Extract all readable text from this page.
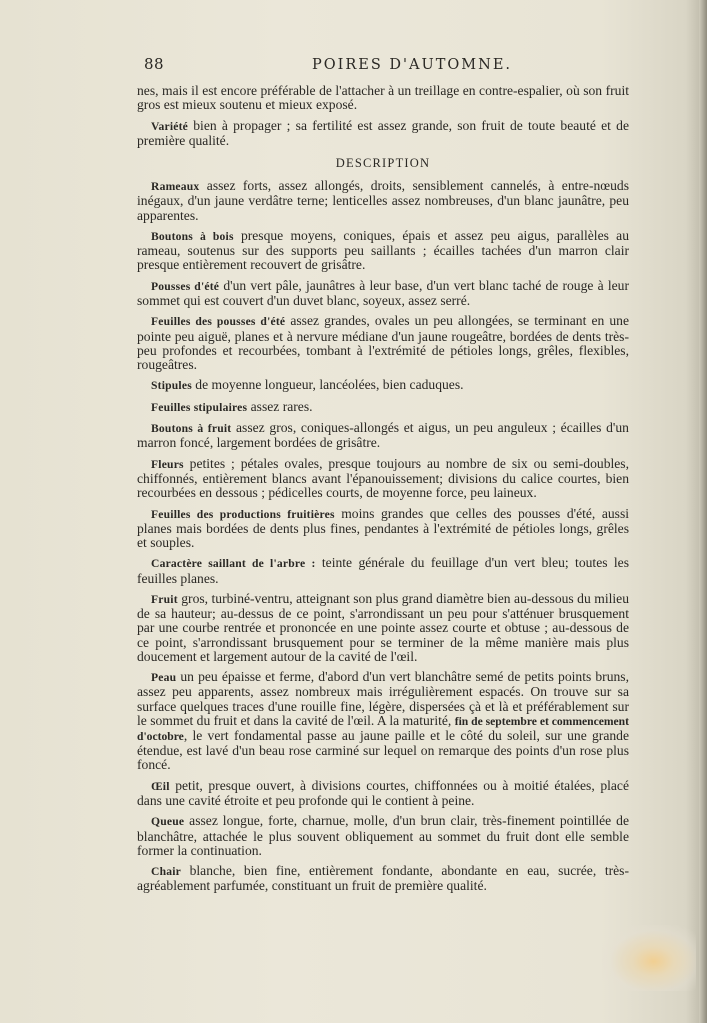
88	POIRES D'AUTOMNE.

nes, mais il est encore préférable de l'attacher à un treillage en contre-espalier, où son fruit gros est mieux soutenu et mieux exposé.

Variété bien à propager ; sa fertilité est assez grande, son fruit de toute beauté et de première qualité.

DESCRIPTION

Rameaux assez forts, assez allongés, droits, sensiblement cannelés, à entre-nœuds inégaux, d'un jaune verdâtre terne; lenticelles assez nombreuses, d'un blanc jaunâtre, peu apparentes.

Boutons à bois presque moyens, coniques, épais et assez peu aigus, parallèles au rameau, soutenus sur des supports peu saillants ; écailles tachées d'un marron clair presque entièrement recouvert de grisâtre.

Pousses d'été d'un vert pâle, jaunâtres à leur base, d'un vert blanc taché de rouge à leur sommet qui est couvert d'un duvet blanc, soyeux, assez serré.

Feuilles des pousses d'été assez grandes, ovales un peu allongées, se terminant en une pointe peu aiguë, planes et à nervure médiane d'un jaune rougeâtre, bordées de dents très-peu profondes et recourbées, tombant à l'extrémité de pétioles longs, grêles, flexibles, rougeâtres.

Stipules de moyenne longueur, lancéolées, bien caduques.

Feuilles stipulaires assez rares.

Boutons à fruit assez gros, coniques-allongés et aigus, un peu anguleux ; écailles d'un marron foncé, largement bordées de grisâtre.

Fleurs petites ; pétales ovales, presque toujours au nombre de six ou semi-doubles, chiffonnés, entièrement blancs avant l'épanouissement; divisions du calice courtes, bien recourbées en dessous ; pédicelles courts, de moyenne force, peu laineux.

Feuilles des productions fruitières moins grandes que celles des pousses d'été, aussi planes mais bordées de dents plus fines, pendantes à l'extrémité de pétioles longs, grêles et souples.

Caractère saillant de l'arbre : teinte générale du feuillage d'un vert bleu; toutes les feuilles planes.

Fruit gros, turbiné-ventru, atteignant son plus grand diamètre bien au-dessous du milieu de sa hauteur; au-dessus de ce point, s'arrondissant un peu pour s'atténuer brusquement par une courbe rentrée et prononcée en une pointe assez courte et obtuse ; au-dessous de ce point, s'arrondissant brusquement pour se terminer de la même manière mais plus doucement et largement autour de la cavité de l'œil.

Peau un peu épaisse et ferme, d'abord d'un vert blanchâtre semé de petits points bruns, assez peu apparents, assez nombreux mais irrégulièrement espacés. On trouve sur sa surface quelques traces d'une rouille fine, légère, dispersées çà et là et préférablement sur le sommet du fruit et dans la cavité de l'œil. A la maturité, fin de septembre et commencement d'octobre, le vert fondamental passe au jaune paille et le côté du soleil, sur une grande étendue, est lavé d'un beau rose carminé sur lequel on remarque des points d'un rose plus foncé.

Œil petit, presque ouvert, à divisions courtes, chiffonnées ou à moitié étalées, placé dans une cavité étroite et peu profonde qui le contient à peine.

Queue assez longue, forte, charnue, molle, d'un brun clair, très-finement pointillée de blanchâtre, attachée le plus souvent obliquement au sommet du fruit dont elle semble former la continuation.

Chair blanche, bien fine, entièrement fondante, abondante en eau, sucrée, très-agréablement parfumée, constituant un fruit de première qualité.
